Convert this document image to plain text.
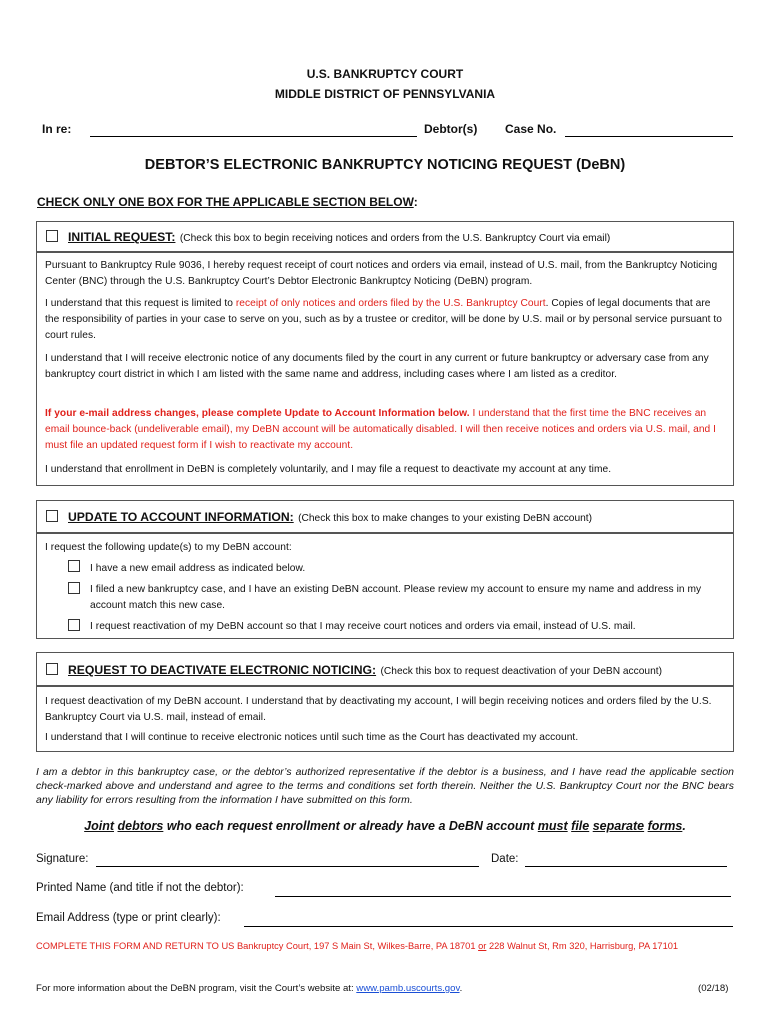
U.S. BANKRUPTCY COURT
MIDDLE DISTRICT OF PENNSYLVANIA
In re:	Debtor(s) Case No.
DEBTOR’S ELECTRONIC BANKRUPTCY NOTICING REQUEST (DeBN)
CHECK ONLY ONE BOX FOR THE APPLICABLE SECTION BELOW:
INITIAL REQUEST: (Check this box to begin receiving notices and orders from the U.S. Bankruptcy Court via email)
Pursuant to Bankruptcy Rule 9036, I hereby request receipt of court notices and orders via email, instead of U.S. mail, from the Bankruptcy Noticing Center (BNC) through the U.S. Bankruptcy Court’s Debtor Electronic Bankruptcy Noticing (DeBN) program.
I understand that this request is limited to receipt of only notices and orders filed by the U.S. Bankruptcy Court. Copies of legal documents that are the responsibility of parties in your case to serve on you, such as by a trustee or creditor, will be done by U.S. mail or by personal service pursuant to court rules.
I understand that I will receive electronic notice of any documents filed by the court in any current or future bankruptcy or adversary case from any bankruptcy court district in which I am listed with the same name and address, including cases where I am listed as a creditor.
If your e-mail address changes, please complete Update to Account Information below. I understand that the first time the BNC receives an email bounce-back (undeliverable email), my DeBN account will be automatically disabled. I will then receive notices and orders via U.S. mail, and I must file an updated request form if I wish to reactivate my account.
I understand that enrollment in DeBN is completely voluntarily, and I may file a request to deactivate my account at any time.
UPDATE TO ACCOUNT INFORMATION: (Check this box to make changes to your existing DeBN account)
I request the following update(s) to my DeBN account:
I have a new email address as indicated below.
I filed a new bankruptcy case, and I have an existing DeBN account. Please review my account to ensure my name and address in my account match this new case.
I request reactivation of my DeBN account so that I may receive court notices and orders via email, instead of U.S. mail.
REQUEST TO DEACTIVATE ELECTRONIC NOTICING: (Check this box to request deactivation of your DeBN account)
I request deactivation of my DeBN account. I understand that by deactivating my account, I will begin receiving notices and orders filed by the U.S. Bankruptcy Court via U.S. mail, instead of email.
I understand that I will continue to receive electronic notices until such time as the Court has deactivated my account.
I am a debtor in this bankruptcy case, or the debtor’s authorized representative if the debtor is a business, and I have read the applicable section check-marked above and understand and agree to the terms and conditions set forth therein. Neither the U.S. Bankruptcy Court nor the BNC bears any liability for errors resulting from the information I have submitted on this form.
Joint debtors who each request enrollment or already have a DeBN account must file separate forms.
Signature:	Date:
Printed Name (and title if not the debtor):
Email Address (type or print clearly):
COMPLETE THIS FORM AND RETURN TO US Bankruptcy Court, 197 S Main St, Wilkes-Barre, PA 18701 or 228 Walnut St, Rm 320, Harrisburg, PA 17101
For more information about the DeBN program, visit the Court’s website at: www.pamb.uscourts.gov.	(02/18)
